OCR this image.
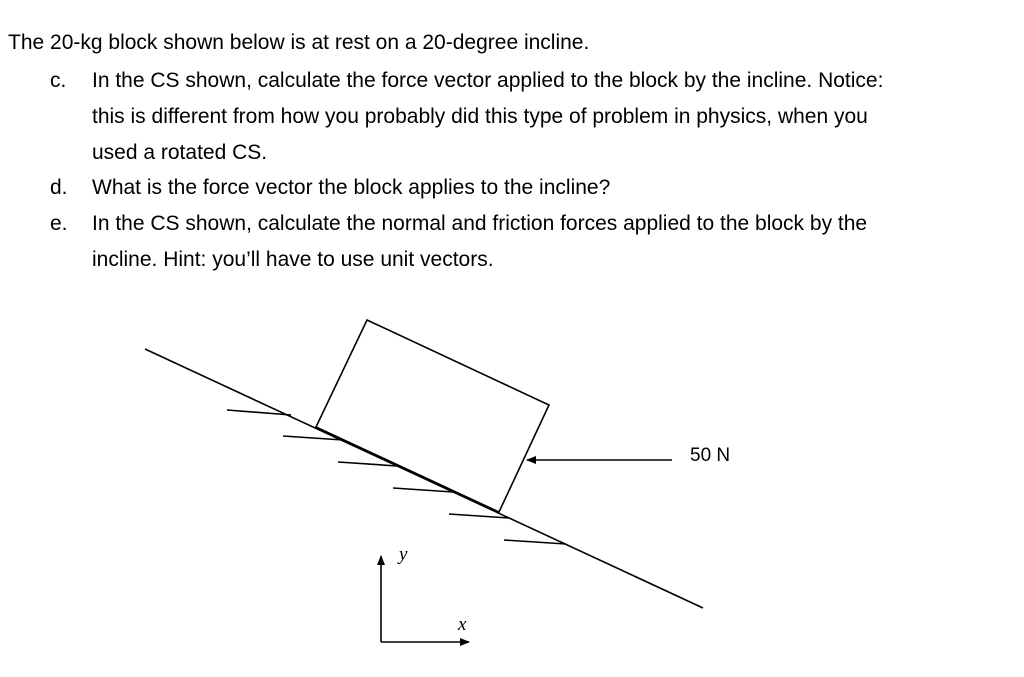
The 20-kg block shown below is at rest on a 20-degree incline.
c.	In the CS shown, calculate the force vector applied to the block by the incline. Notice:
this is different from how you probably did this type of problem in physics, when you
used a rotated CS.
d.	What is the force vector the block applies to the incline?
e.	In the CS shown, calculate the normal and friction forces applied to the block by the
incline. Hint: you’ll have to use unit vectors.
50 N
y
x
